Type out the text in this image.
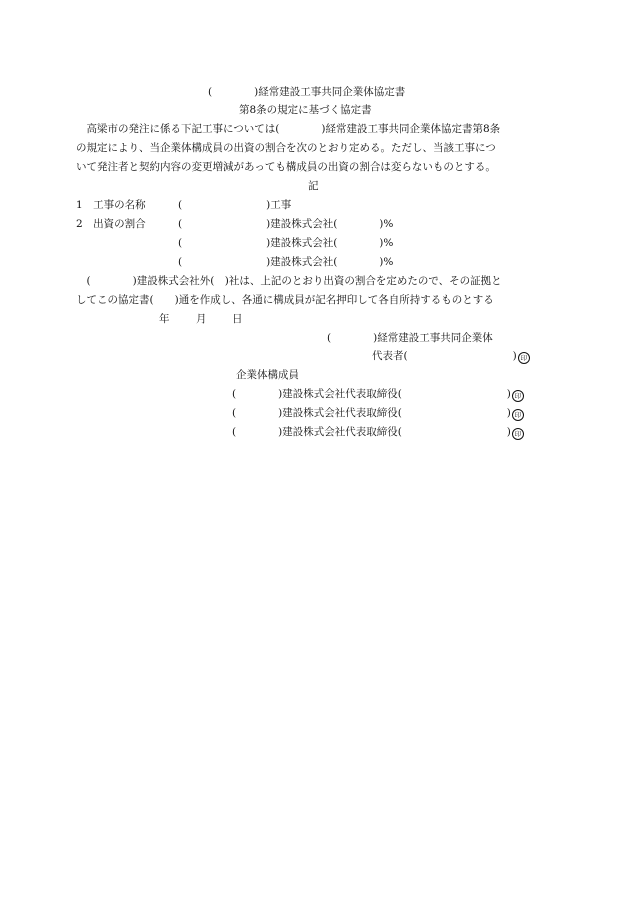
(　　　　)経常建設工事共同企業体協定書
第8条の規定に基づく協定書
　高梁市の発注に係る下記工事については(　　　　)経常建設工事共同企業体協定書第8条
の規定により、当企業体構成員の出資の割合を次のとおり定める。ただし、当該工事につ
いて発注者と契約内容の変更増減があっても構成員の出資の割合は変らないものとする。
記
1　工事の名称	(　　　　　　　　)工事
2　出資の割合	(　　　　　　　　)建設株式会社(　　　　)%
(　　　　　　　　)建設株式会社(　　　　)%
(　　　　　　　　)建設株式会社(　　　　)%
　(　　　　)建設株式会社外(　)社は、上記のとおり出資の割合を定めたので、その証拠と
してこの協定書(　　)通を作成し、各通に構成員が記名押印して各自所持するものとする
年	月 日
(　　　　)経常建設工事共同企業体
代表者(　　　　　　　　　　) 印
企業体構成員
(　　　　)建設株式会社代表取締役(　　　　　　　　　　) 印
(　　　　)建設株式会社代表取締役(　　　　　　　　　　) 印
(　　　　)建設株式会社代表取締役(　　　　　　　　　　) 印
